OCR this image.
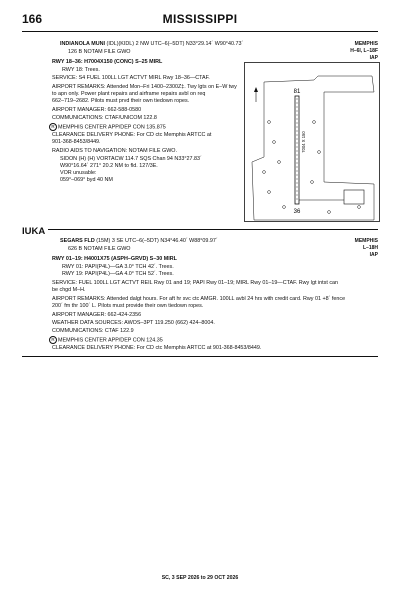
166	MISSISSIPPI
INDIANOLA MUNI (IDL)(KIDL) 2 NW UTC–6(–5DT) N33°29.14´ W90°40.73´	MEMPHIS
H–6I, L–18F
IAP
126 B NOTAM FILE GWO
RWY 18–36: H7004X150 (CONC) S–25 MIRL
RWY 18: Trees.
SERVICE: S4 FUEL 100LL LGT ACTVT MIRL Rwy 18–36—CTAF.
AIRPORT REMARKS: Attended Mon–Fri 1400–2300Z‡. Twy lgts on E–W twy
to apn only. Power plant repairs and airframe repairs avbl on req
662–719–2682. Pilots must prvd their own tiedown ropes.
AIRPORT MANAGER: 662-588-0580
COMMUNICATIONS: CTAF/UNICOM 122.8
R MEMPHIS CENTER APP/DEP CON 135.875
CLEARANCE DELIVERY PHONE: For CD ctc Memphis ARTCC at
901-368-8453/8449.
RADIO AIDS TO NAVIGATION: NOTAM FILE GWO.
SIDON (H) (H) VORTACW 114.7 SQS Chan 94 N33°27.83´
W90°16.64´ 271° 20.2 NM to fld. 127/3E.
VOR unusable:
059°–069° byd 40 NM
81
36
7004 X 150
IUKA
SEGARS FLD (15M) 3 SE UTC–6(–5DT) N34°46.40´ W88°09.97´	MEMPHIS
L–18H
IAP
626 B NOTAM FILE GWO
RWY 01–19: H4001X75 (ASPH–GRVD) S–30 MIRL
RWY 01: PAPI(P4L)—GA 3.0° TCH 42´. Trees.
RWY 19: PAPI(P4L)—GA 4.0° TCH 52´. Trees.
SERVICE: FUEL 100LL LGT ACTVT REIL Rwy 01 and 19; PAPI Rwy 01–19; MIRL Rwy 01–19—CTAF. Rwy lgt intst can
be chgd M–H.
AIRPORT REMARKS: Attended dalgt hours. For aft hr svc ctc AMGR. 100LL avbl 24 hrs with credit card. Rwy 01 +8´ fence
200´ fm thr 100´ L. Pilots must provide their own tiedown ropes.
AIRPORT MANAGER: 662-424-2356
WEATHER DATA SOURCES: AWOS–3PT 119.250 (662) 424–8004.
COMMUNICATIONS: CTAF 122.9
R MEMPHIS CENTER APP/DEP CON 124.35
CLEARANCE DELIVERY PHONE: For CD ctc Memphis ARTCC at 901-368-8453/8449.
SC, 3 SEP 2026 to 29 OCT 2026
